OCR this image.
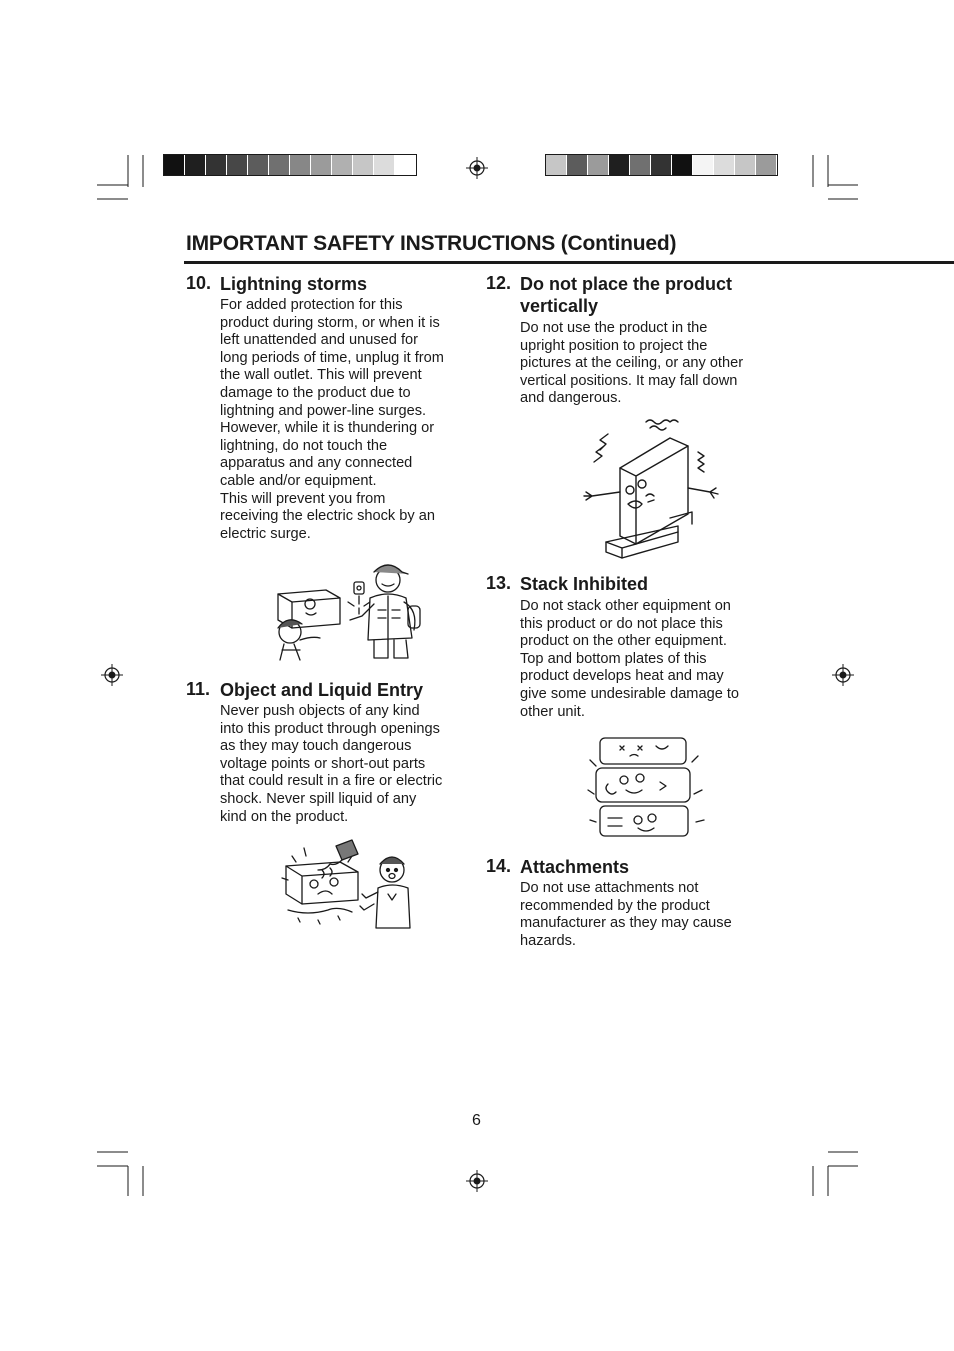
IMPORTANT SAFETY INSTRUCTIONS (Continued)
10. Lightning storms
For added protection for this
product during storm, or when it is
left unattended and unused for
long periods of time, unplug it from
the wall outlet. This will prevent
damage to the product due to
lightning and power-line surges.
However, while it is thundering or
lightning, do not touch the
apparatus and any connected
cable and/or equipment.
This will prevent you from
receiving the electric shock by an
electric surge.
11. Object and Liquid Entry
Never push objects of any kind
into this product through openings
as they may touch dangerous
voltage points or short-out parts
that could result in a fire or electric
shock. Never spill liquid of any
kind on the product.
12. Do not place the product
vertically
Do not use the product in the
upright position to project the
pictures at the ceiling, or any other
vertical positions. It may fall down
and dangerous.
13. Stack Inhibited
Do not stack other equipment on
this product or do not place this
product on the other equipment.
Top and bottom plates of this
product develops heat and may
give some undesirable damage to
other unit.
14. Attachments
Do not use attachments not
recommended by the product
manufacturer as they may cause
hazards.
6
